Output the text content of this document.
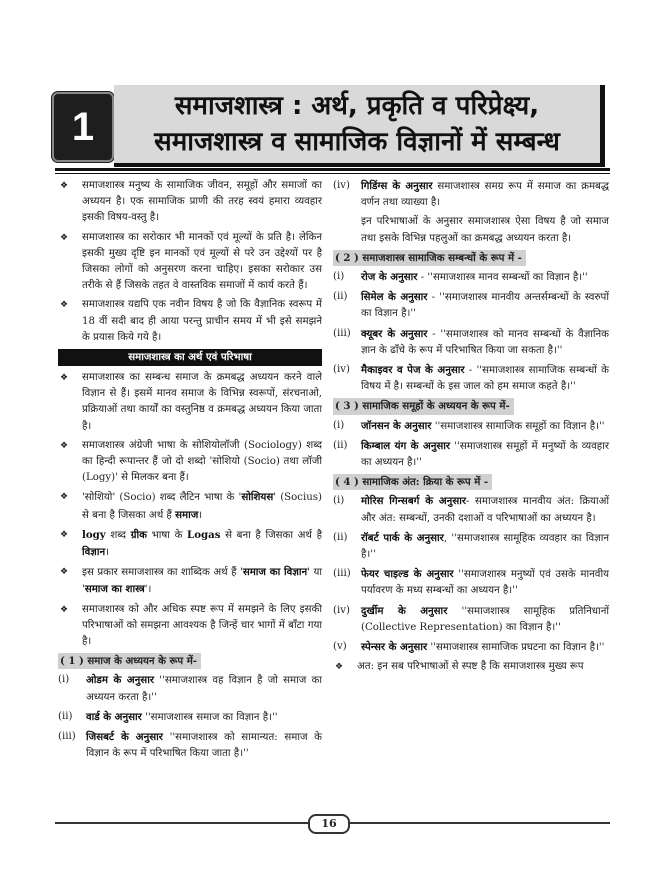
1	समाजशास्त्र : अर्थ, प्रकृति व परिप्रेक्ष्य,
समाजशास्त्र व सामाजिक विज्ञानों में सम्बन्ध
❖ समाजशास्त्र मनुष्य के सामाजिक जीवन, समूहों और समाजों का अध्ययन है। एक सामाजिक प्राणी की तरह स्वयं हमारा व्यवहार इसकी विषय-वस्तु है।
❖ समाजशास्त्र का सरोकार भी मानकों एवं मूल्यों के प्रति है। लेकिन इसकी मुख्य दृष्टि इन मानकों एवं मूल्यों से परे उन उद्देश्यों पर है जिसका लोगों को अनुसरण करना चाहिए। इसका सरोकार उस तरीके से हैं जिसके तहत वे वास्तविक समाजों में कार्य करते हैं।
❖ समाजशास्त्र यद्यपि एक नवीन विषय है जो कि वैज्ञानिक स्वरूप में 18 वीं सदी बाद ही आया परन्तु प्राचीन समय में भी इसे समझने के प्रयास किये गये है।
समाजशास्त्र का अर्थ एवं परिभाषा
❖ समाजशास्त्र का सम्बन्ध समाज के क्रमबद्ध अध्ययन करने वाले विज्ञान से हैं। इसमें मानव समाज के विभिन्न स्वरूपों, संरचनाओ, प्रक्रियाओं तथा कार्यों का वस्तुनिष्ठ व क्रमबद्ध अध्ययन किया जाता है।
❖ समाजशास्त्र अंग्रेजी भाषा के सोशियोलॉजी (Sociology) शब्द का हिन्दी रूपान्तर हैं जो दो शब्दो 'सोशियो (Socio) तथा लॉजी (Logy)' से मिलकर बना हैं।
❖ 'सोशियो' (Socio) शब्द लैटिन भाषा के 'सोशियस' (Socius) से बना है जिसका अर्थ हैं समाज।
❖ logy शब्द ग्रीक भाषा के Logas से बना है जिसका अर्थ है विज्ञान।
❖ इस प्रकार समाजशास्त्र का शाब्दिक अर्थ हैं 'समाज का विज्ञान' या 'समाज का शास्त्र'।
❖ समाजशास्त्र को और अधिक स्पष्ट रूप में समझने के लिए इसकी परिभाषाओं को समझना आवश्यक है जिन्हें चार भागों में बाँटा गया है।
( 1 ) समाज के अध्ययन के रूप में-
(i) ओडम के अनुसार ''समाजशास्त्र वह विज्ञान है जो समाज का अध्ययन करता है।''
(ii) वार्ड के अनुसार ''समाजशास्त्र समाज का विज्ञान है।''
(iii) जिसबर्ट के अनुसार ''समाजशास्त्र को सामान्यत: समाज के विज्ञान के रूप में परिभाषित किया जाता है।''
(iv) गिडिंग्स के अनुसार समाजशास्त्र समग्र रूप में समाज का क्रमबद्ध वर्णन तथा व्याख्या है।
इन परिभाषाओं के अनुसार समाजशास्त्र ऐसा विषय है जो समाज तथा इसके विभिन्न पहलुओं का क्रमबद्ध अध्ययन करता है।
( 2 ) समाजशास्त्र सामाजिक सम्बन्धों के रूप में -
(i) रोज के अनुसार - ''समाजशास्त्र मानव सम्बन्धों का विज्ञान है।''
(ii) सिमेल के अनुसार - ''समाजशास्त्र मानवीय अन्तर्सम्बन्धों के स्वरुपों का विज्ञान है।''
(iii) क्यूबर के अनुसार - ''समाजशास्त्र को मानव सम्बन्धों के वैज्ञानिक ज्ञान के ढाँचे के रूप में परिभाषित किया जा सकता है।''
(iv) मैकाइवर व पेज के अनुसार - ''समाजशास्त्र सामाजिक सम्बन्धों के विषय में है। सम्बन्धों के इस जाल को हम समाज कहते है।''
( 3 ) सामाजिक समूहों के अध्ययन के रूप में-
(i) जॉनसन के अनुसार ''समाजशास्त्र सामाजिक समूहों का विज्ञान है।''
(ii) किम्बाल यंग के अनुसार ''समाजशास्त्र समूहों में मनुष्यों के व्यवहार का अध्ययन है।''
( 4 ) सामाजिक अंत: क्रिया के रूप में -
(i) मोरिस गिन्सबर्ग के अनुसार- समाजशास्त्र मानवीय अंत: क्रियाओं और अंत: सम्बन्धों, उनकी दशाओं व परिभाषाओं का अध्ययन है।
(ii) रॉबर्ट पार्क के अनुसार, ''समाजशास्त्र सामूहिक व्यवहार का विज्ञान है।''
(iii) फेयर चाइल्ड के अनुसार ''समाजशास्त्र मनुष्यों एवं उसके मानवीय पर्यावरण के मध्य सम्बन्धों का अध्ययन है।''
(iv) दुर्खीम के अनुसार ''समाजशास्त्र सामूहिक प्रतिनिधानों (Collective Representation) का विज्ञान है।''
(v) स्पेन्सर के अनुसार ''समाजशास्त्र सामाजिक प्रघटना का विज्ञान है।''
❖ अत: इन सब परिभाषाओं से स्पष्ट है कि समाजशास्त्र मुख्य रूप
16
